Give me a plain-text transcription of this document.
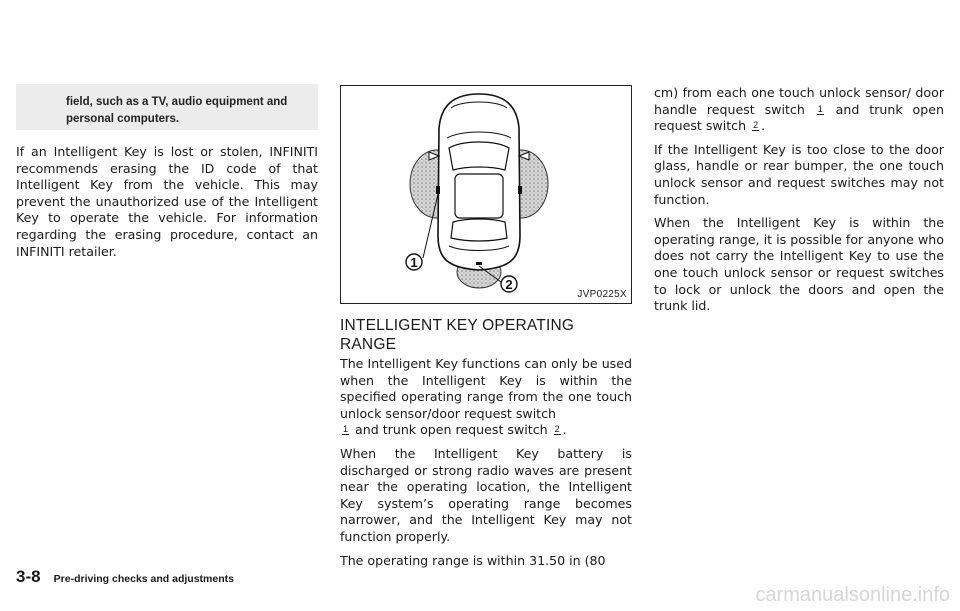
field, such as a TV, audio equipment and personal computers.

If an Intelligent Key is lost or stolen, INFINITI recommends erasing the ID code of that Intelligent Key from the vehicle. This may prevent the unauthorized use of the Intelligent Key to operate the vehicle. For information regarding the erasing procedure, contact an INFINITI retailer.

1
2
JVP0225X
INTELLIGENT KEY OPERATING
RANGE

The Intelligent Key functions can only be used when the Intelligent Key is within the specified operating range from the one touch unlock sensor/door request switch
1 and trunk open request switch 2 .

When the Intelligent Key battery is discharged or strong radio waves are present near the operating location, the Intelligent Key system’s operating range becomes narrower, and the Intelligent Key may not function properly.

The operating range is within 31.50 in (80

cm) from each one touch unlock sensor/ door handle request switch 1 and trunk open request switch 2 .

If the Intelligent Key is too close to the door glass, handle or rear bumper, the one touch unlock sensor and request switches may not function.

When the Intelligent Key is within the operating range, it is possible for anyone who does not carry the Intelligent Key to use the one touch unlock sensor or request switches to lock or unlock the doors and open the trunk lid.

3-8 Pre-driving checks and adjustments
carmanualsonline.info
